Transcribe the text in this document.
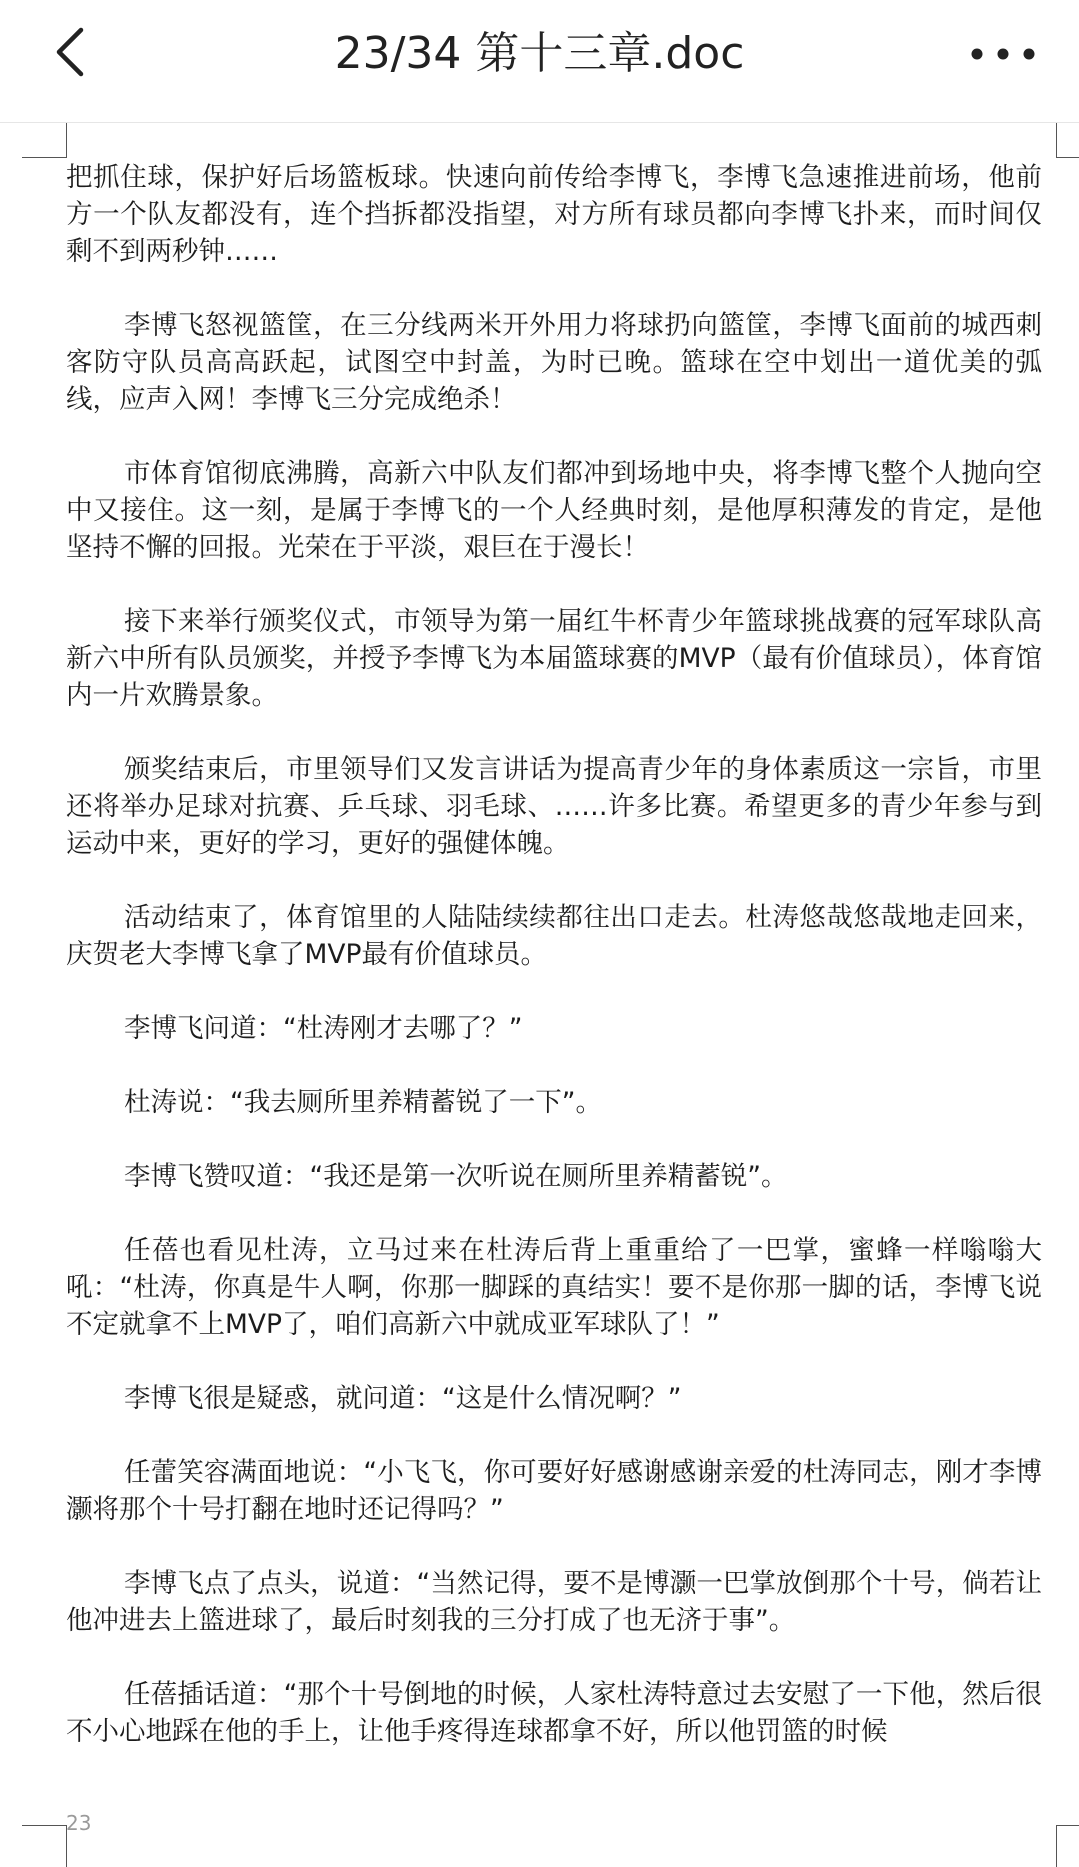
23/34 第十三章.doc

把抓住球，保护好后场篮板球。快速向前传给李博飞，李博飞急速推进前场，他前方一个队友都没有，连个挡拆都没指望，对方所有球员都向李博飞扑来，而时间仅剩不到两秒钟……

李博飞怒视篮筐，在三分线两米开外用力将球扔向篮筐，李博飞面前的城西刺客防守队员高高跃起，试图空中封盖，为时已晚。篮球在空中划出一道优美的弧线，应声入网！李博飞三分完成绝杀！

市体育馆彻底沸腾，高新六中队友们都冲到场地中央，将李博飞整个人抛向空中又接住。这一刻，是属于李博飞的一个人经典时刻，是他厚积薄发的肯定，是他坚持不懈的回报。光荣在于平淡，艰巨在于漫长！

接下来举行颁奖仪式，市领导为第一届红牛杯青少年篮球挑战赛的冠军球队高新六中所有队员颁奖，并授予李博飞为本届篮球赛的MVP（最有价值球员），体育馆内一片欢腾景象。

颁奖结束后，市里领导们又发言讲话为提高青少年的身体素质这一宗旨，市里还将举办足球对抗赛、乒乓球、羽毛球、……许多比赛。希望更多的青少年参与到运动中来，更好的学习，更好的强健体魄。

活动结束了，体育馆里的人陆陆续续都往出口走去。杜涛悠哉悠哉地走回来，庆贺老大李博飞拿了MVP最有价值球员。

李博飞问道：“杜涛刚才去哪了？”

杜涛说：“我去厕所里养精蓄锐了一下”。

李博飞赞叹道：“我还是第一次听说在厕所里养精蓄锐”。

任蓓也看见杜涛，立马过来在杜涛后背上重重给了一巴掌，蜜蜂一样嗡嗡大吼：“杜涛，你真是牛人啊，你那一脚踩的真结实！要不是你那一脚的话，李博飞说不定就拿不上MVP了，咱们高新六中就成亚军球队了！”

李博飞很是疑惑，就问道：“这是什么情况啊？”

任蕾笑容满面地说：“小飞飞，你可要好好感谢感谢亲爱的杜涛同志，刚才李博灏将那个十号打翻在地时还记得吗？”

李博飞点了点头，说道：“当然记得，要不是博灏一巴掌放倒那个十号，倘若让他冲进去上篮进球了，最后时刻我的三分打成了也无济于事”。

任蓓插话道：“那个十号倒地的时候，人家杜涛特意过去安慰了一下他，然后很不小心地踩在他的手上，让他手疼得连球都拿不好，所以他罚篮的时候

23
